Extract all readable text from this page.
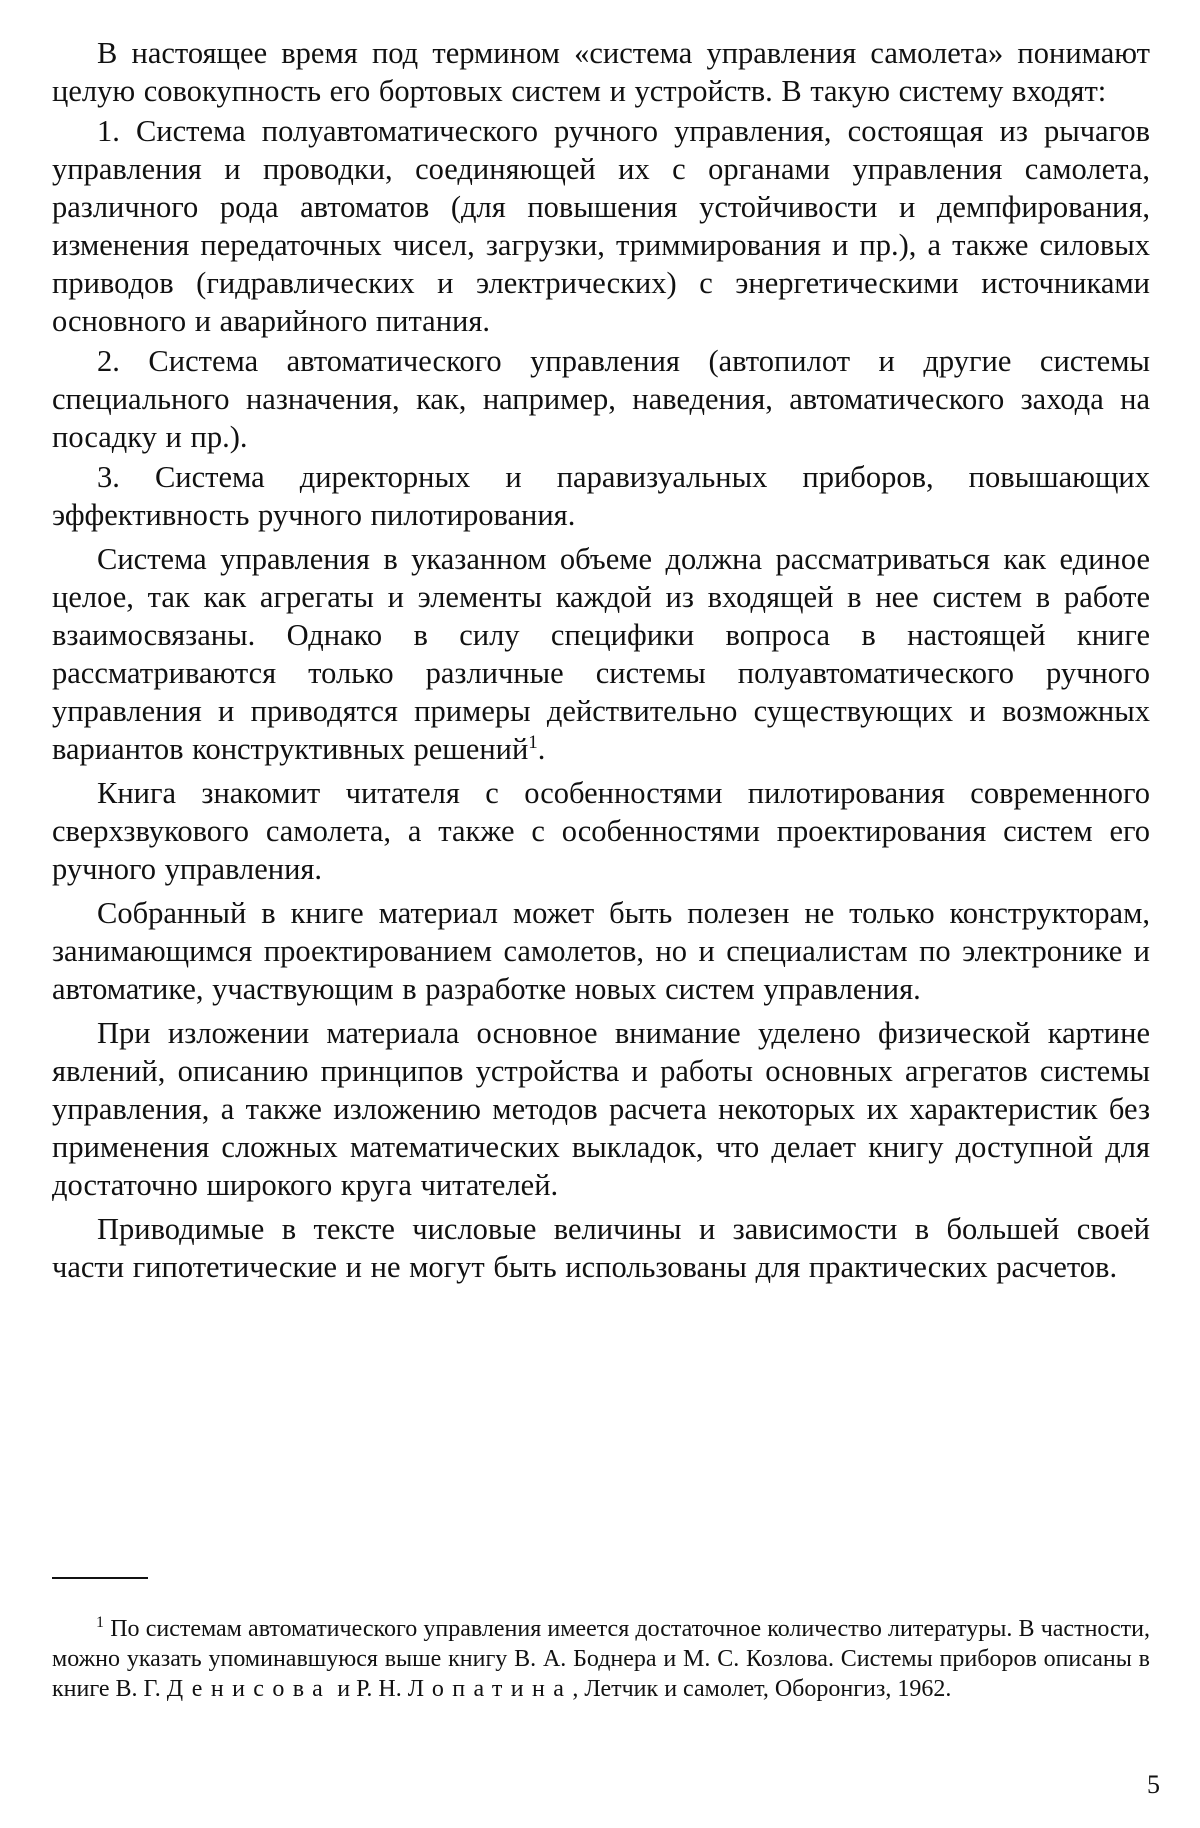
В настоящее время под термином «система управления самолета» понимают целую совокупность его бортовых систем и устройств. В такую систему входят:

1. Система полуавтоматического ручного управления, состоящая из рычагов управления и проводки, соединяющей их с органами управления самолета, различного рода автоматов (для повышения устойчивости и демпфирования, изменения передаточных чисел, загрузки, триммирования и пр.), а также силовых приводов (гидравлических и электрических) с энергетическими источниками основного и аварийного питания.

2. Система автоматического управления (автопилот и другие системы специального назначения, как, например, наведения, автоматического захода на посадку и пр.).

3. Система директорных и паравизуальных приборов, повышающих эффективность ручного пилотирования.

Система управления в указанном объеме должна рассматриваться как единое целое, так как агрегаты и элементы каждой из входящей в нее систем в работе взаимосвязаны. Однако в силу специфики вопроса в настоящей книге рассматриваются только различные системы полуавтоматического ручного управления и приводятся примеры действительно существующих и возможных вариантов конструктивных решений$^1$.

Книга знакомит читателя с особенностями пилотирования современного сверхзвукового самолета, а также с особенностями проектирования систем его ручного управления.

Собранный в книге материал может быть полезен не только конструкторам, занимающимся проектированием самолетов, но и специалистам по электронике и автоматике, участвующим в разработке новых систем управления.

При изложении материала основное внимание уделено физической картине явлений, описанию принципов устройства и работы основных агрегатов системы управления, а также изложению методов расчета некоторых их характеристик без применения сложных математических выкладок, что делает книгу доступной для достаточно широкого круга читателей.

Приводимые в тексте числовые величины и зависимости в большей своей части гипотетические и не могут быть использованы для практических расчетов.

$^1$ По системам автоматического управления имеется достаточное количество литературы. В частности, можно указать упоминавшуюся выше книгу В. А. Боднера и М. С. Козлова. Системы приборов описаны в книге В. Г. Денисова и Р. Н. Лопатина, Летчик и самолет, Оборонгиз, 1962.

5
